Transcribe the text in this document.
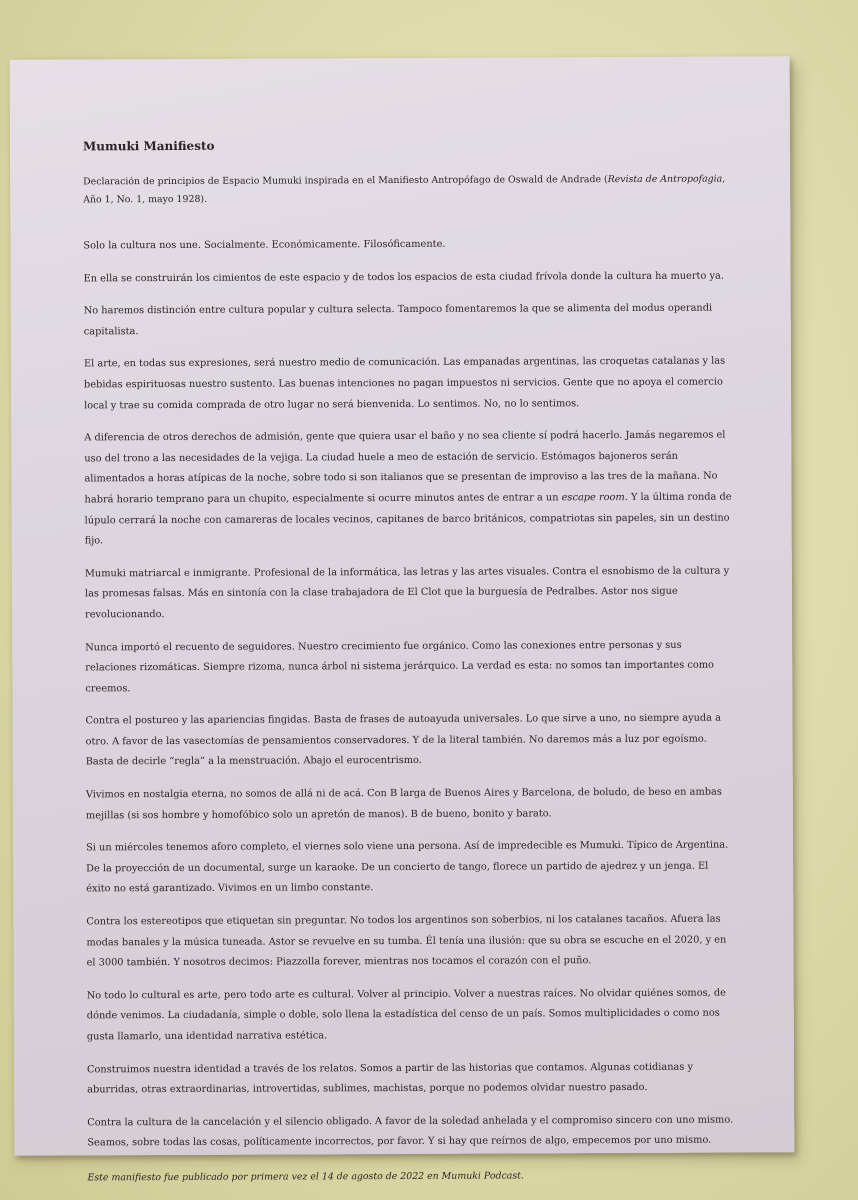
Mumuki Manifiesto
Declaración de principios de Espacio Mumuki inspirada en el Manifiesto Antropófago de Oswald de Andrade (Revista de Antropofagia, Año 1, No. 1, mayo 1928).

Solo la cultura nos une. Socialmente. Económicamente. Filosóficamente.

En ella se construirán los cimientos de este espacio y de todos los espacios de esta ciudad frívola donde la cultura ha muerto ya.

No haremos distinción entre cultura popular y cultura selecta. Tampoco fomentaremos la que se alimenta del modus operandi capitalista.

El arte, en todas sus expresiones, será nuestro medio de comunicación. Las empanadas argentinas, las croquetas catalanas y las bebidas espirituosas nuestro sustento. Las buenas intenciones no pagan impuestos ni servicios. Gente que no apoya el comercio local y trae su comida comprada de otro lugar no será bienvenida. Lo sentimos. No, no lo sentimos.

A diferencia de otros derechos de admisión, gente que quiera usar el baño y no sea cliente sí podrá hacerlo. Jamás negaremos el uso del trono a las necesidades de la vejiga. La ciudad huele a meo de estación de servicio. Estómagos bajoneros serán alimentados a horas atípicas de la noche, sobre todo si son italianos que se presentan de improviso a las tres de la mañana. No habrá horario temprano para un chupito, especialmente si ocurre minutos antes de entrar a un escape room. Y la última ronda de lúpulo cerrará la noche con camareras de locales vecinos, capitanes de barco británicos, compatriotas sin papeles, sin un destino fijo.

Mumuki matriarcal e inmigrante. Profesional de la informática, las letras y las artes visuales. Contra el esnobismo de la cultura y las promesas falsas. Más en sintonía con la clase trabajadora de El Clot que la burguesía de Pedralbes. Astor nos sigue revolucionando.

Nunca importó el recuento de seguidores. Nuestro crecimiento fue orgánico. Como las conexiones entre personas y sus relaciones rizomáticas. Siempre rizoma, nunca árbol ni sistema jerárquico. La verdad es esta: no somos tan importantes como creemos.

Contra el postureo y las apariencias fingidas. Basta de frases de autoayuda universales. Lo que sirve a uno, no siempre ayuda a otro. A favor de las vasectomías de pensamientos conservadores. Y de la literal también. No daremos más a luz por egoísmo. Basta de decirle “regla” a la menstruación. Abajo el eurocentrismo.

Vivimos en nostalgia eterna, no somos de allá ni de acá. Con B larga de Buenos Aires y Barcelona, de boludo, de beso en ambas mejillas (si sos hombre y homofóbico solo un apretón de manos). B de bueno, bonito y barato.

Si un miércoles tenemos aforo completo, el viernes solo viene una persona. Así de impredecible es Mumuki. Típico de Argentina. De la proyección de un documental, surge un karaoke. De un concierto de tango, florece un partido de ajedrez y un jenga. El éxito no está garantizado. Vivimos en un limbo constante.

Contra los estereotipos que etiquetan sin preguntar. No todos los argentinos son soberbios, ni los catalanes tacaños. Afuera las modas banales y la música tuneada. Astor se revuelve en su tumba. Él tenía una ilusión: que su obra se escuche en el 2020, y en el 3000 también. Y nosotros decimos: Piazzolla forever, mientras nos tocamos el corazón con el puño.

No todo lo cultural es arte, pero todo arte es cultural. Volver al principio. Volver a nuestras raíces. No olvidar quiénes somos, de dónde venimos. La ciudadanía, simple o doble, solo llena la estadística del censo de un país. Somos multiplicidades o como nos gusta llamarlo, una identidad narrativa estética.

Construimos nuestra identidad a través de los relatos. Somos a partir de las historias que contamos. Algunas cotidianas y aburridas, otras extraordinarias, introvertidas, sublimes, machistas, porque no podemos olvidar nuestro pasado.

Contra la cultura de la cancelación y el silencio obligado. A favor de la soledad anhelada y el compromiso sincero con uno mismo. Seamos, sobre todas las cosas, políticamente incorrectos, por favor. Y si hay que reírnos de algo, empecemos por uno mismo.

Este manifiesto fue publicado por primera vez el 14 de agosto de 2022 en Mumuki Podcast.
